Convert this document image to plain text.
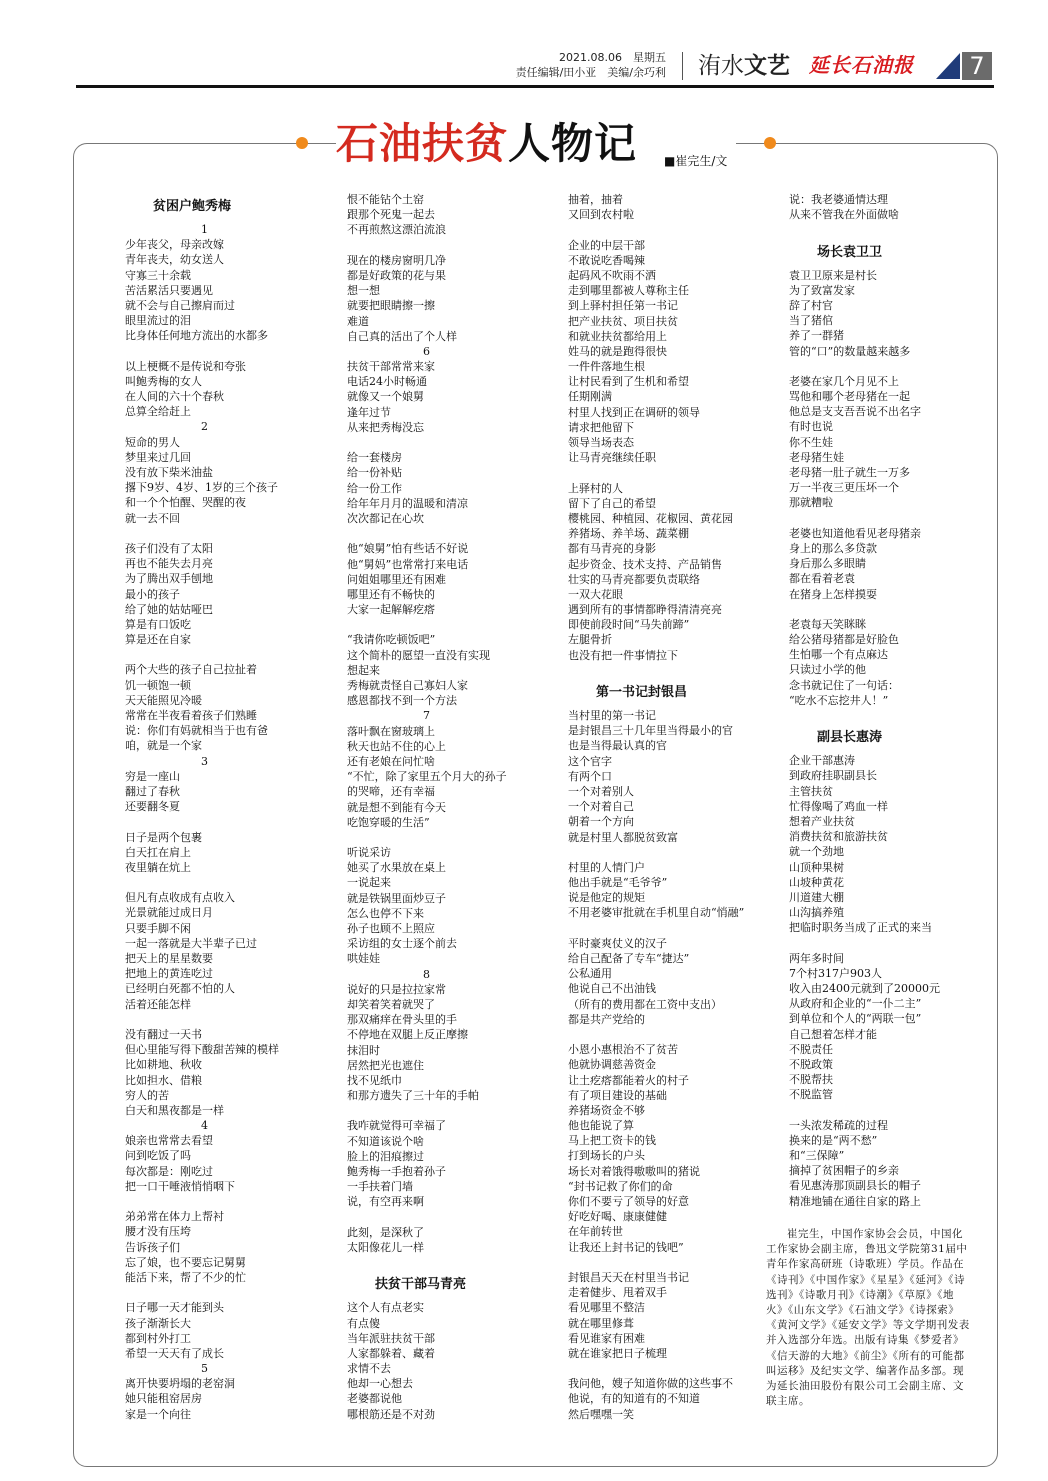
2021.08.06　星期五
责任编辑/田小亚　美编/余巧利 洧水文艺 延长石油报	7
石油扶贫人物记 ■崔完生/文
贫困户鲍秀梅
1
少年丧父，母亲改嫁
青年丧夫，幼女送人
守寡三十余载
苦活累活只要遇见
就不会与自己擦肩而过
眼里流过的泪
比身体任何地方流出的水都多
以上梗概不是传说和夸张
叫鲍秀梅的女人
在人间的六十个春秋
总算全给赶上
2
短命的男人
梦里来过几回
没有放下柴米油盐
撂下9岁、4岁、1岁的三个孩子
和一个个怕醒、哭醒的夜
就一去不回
孩子们没有了太阳
再也不能失去月亮
为了腾出双手刨地
最小的孩子
给了她的姑姑哑巴
算是有口饭吃
算是还在自家
两个大些的孩子自己拉扯着
饥一顿饱一顿
天天能照见冷暖
常常在半夜看着孩子们熟睡
说：你们有妈就相当于也有爸
咱，就是一个家
3
穷是一座山
翻过了春秋
还要翻冬夏
日子是两个包裹
白天扛在肩上
夜里躺在炕上
但凡有点收成有点收入
光景就能过成日月
只要手脚不闲
一起一落就是大半辈子已过
把天上的星星数要
把地上的黄连吃过
已经明白死都不怕的人
活着还能怎样
没有翻过一天书
但心里能写得下酸甜苦辣的模样
比如耕地、秋收
比如担水、借粮
穷人的苦
白天和黑夜都是一样
4
娘亲也常常去看望
问到吃饭了吗
每次都是：刚吃过
把一口干唾液悄悄咽下
弟弟常在体力上帮衬
腰才没有压垮
告诉孩子们
忘了娘，也不要忘记舅舅
能活下来，帮了不少的忙
日子哪一天才能到头
孩子渐渐长大
都到村外打工
希望一天天有了成长
5
离开快要坍塌的老窑洞
她只能租窑居房
家是一个向往
恨不能钻个土窑
跟那个死鬼一起去
不再煎熬这漂泊流浪
现在的楼房窗明几净
都是好政策的花与果
想一想
就要把眼睛擦一擦
难道
自己真的活出了个人样
6
扶贫干部常常来家
电话24小时畅通
就像又一个娘舅
逢年过节
从来把秀梅没忘
给一套楼房
给一份补贴
给一份工作
给年年月月的温暖和清凉
次次都记在心坎
他“娘舅”怕有些话不好说
他“舅妈”也常常打来电话
问姐姐哪里还有困难
哪里还有不畅快的
大家一起解解疙瘩
“我请你吃顿饭吧”
这个简朴的愿望一直没有实现
想起来
秀梅就责怪自己寡妇人家
感恩都找不到一个方法
7
落叶飘在窗玻璃上
秋天也站不住的心上
还有老娘在问忙啥
“不忙，除了家里五个月大的孙子
的哭啼，还有幸福
就是想不到能有今天
吃饱穿暖的生活”
听说采访
她买了水果放在桌上
一说起来
就是铁锅里面炒豆子
怎么也停不下来
孙子也顾不上照应
采访组的女士逐个前去
哄娃娃
8
说好的只是拉拉家常
却笑着笑着就哭了
那双痛痒在骨头里的手
不停地在双腿上反正摩擦
抹泪时
居然把光也遮住
找不见纸巾
和那方遗失了三十年的手帕
我咋就觉得可幸福了
不知道该说个啥
脸上的泪痕擦过
鲍秀梅一手抱着孙子
一手扶着门墙
说，有空再来啊
此刻，是深秋了
太阳像花儿一样
扶贫干部马青亮
这个人有点老实
有点傻
当年派驻扶贫干部
人家都躲着、藏着
求情不去
他却一心想去
老婆都说他
哪根筋还是不对劲
抽着，抽着
又回到农村啦
企业的中层干部
不敢说吃香喝辣
起码风不吹雨不洒
走到哪里都被人尊称主任
到上驿村担任第一书记
把产业扶贫、项目扶贫
和就业扶贫都给用上
姓马的就是跑得很快
一件件落地生根
让村民看到了生机和希望
任期刚满
村里人找到正在调研的领导
请求把他留下
领导当场表态
让马青亮继续任职
上驿村的人
留下了自己的希望
樱桃园、种植园、花椒园、黄花园
养猪场、养羊场、蔬菜棚
都有马青亮的身影
起步资金、技术支持、产品销售
壮实的马青亮都要负责联络
一双大花眼
遇到所有的事情都睁得清清亮亮
即使前段时间“马失前蹄”
左腿骨折
也没有把一件事情拉下
第一书记封银昌
当村里的第一书记
是封银昌三十几年里当得最小的官
也是当得最认真的官
这个官字
有两个口
一个对着别人
一个对着自己
朝着一个方向
就是村里人都脱贫致富
村里的人情门户
他出手就是“毛爷爷”
说是他定的规矩
不用老婆审批就在手机里自动“悄融”
平时豪爽仗义的汉子
给自己配备了专车“捷达”
公私通用
他说自己不出油钱
（所有的费用都在工资中支出）
都是共产党给的
小恩小惠根治不了贫苦
他就协调慈善资金
让土疙瘩都能着火的村子
有了项目建设的基础
养猪场资金不够
他也能说了算
马上把工资卡的钱
打到场长的户头
场长对着饿得嗷嗷叫的猪说
“封书记救了你们的命
你们不要亏了领导的好意
好吃好喝、康康健健
在年前转世
让我还上封书记的钱吧”
封银昌天天在村里当书记
走着健步、甩着双手
看见哪里不整洁
就在哪里修葺
看见谁家有困难
就在谁家把日子梳理
我问他，嫂子知道你做的这些事不
他说，有的知道有的不知道
然后嘿嘿一笑
说：我老婆通情达理
从来不管我在外面做啥
场长袁卫卫
袁卫卫原来是村长
为了致富发家
辞了村官
当了猪倌
养了一群猪
管的“口”的数量越来越多
老婆在家几个月见不上
骂他和哪个老母猪在一起
他总是支支吾吾说不出名字
有时也说
你不生娃
老母猪生娃
老母猪一肚子就生一万多
万一半夜三更压坏一个
那就糟啦
老婆也知道他看见老母猪亲
身上的那么多贷款
身后那么多眼睛
都在看着老袁
在猪身上怎样摸耍
老袁每天笑眯眯
给公猪母猪都是好脸色
生怕哪一个有点麻达
只读过小学的他
念书就记住了一句话：
“吃水不忘挖井人！”
副县长惠涛
企业干部惠涛
到政府挂职副县长
主管扶贫
忙得像喝了鸡血一样
想着产业扶贫
消费扶贫和旅游扶贫
就一个劲地
山顶种果树
山坡种黄花
川道建大棚
山沟搞养殖
把临时职务当成了正式的来当
两年多时间
7个村317户903人
收入由2400元就到了20000元
从政府和企业的“一仆二主”
到单位和个人的“两联一包”
自己想着怎样才能
不脱责任
不脱政策
不脱帮扶
不脱监管
一头浓发稀疏的过程
换来的是“两不愁”
和“三保障”
摘掉了贫困帽子的乡亲
看见惠涛那顶副县长的帽子
精准地铺在通往自家的路上
崔完生，中国作家协会会员，中国化工作家协会副主席，鲁迅文学院第31届中青年作家高研班（诗歌班）学员。作品在《诗刊》《中国作家》《星星》《延河》《诗选刊》《诗歌月刊》《诗潮》《草原》《地火》《山东文学》《石油文学》《诗探索》《黄河文学》《延安文学》等文学期刊发表并入选部分年选。出版有诗集《梦爱者》《信天游的大地》《前尘》《所有的可能都叫运移》及纪实文学、编著作品多部。现为延长油田股份有限公司工会副主席、文联主席。
